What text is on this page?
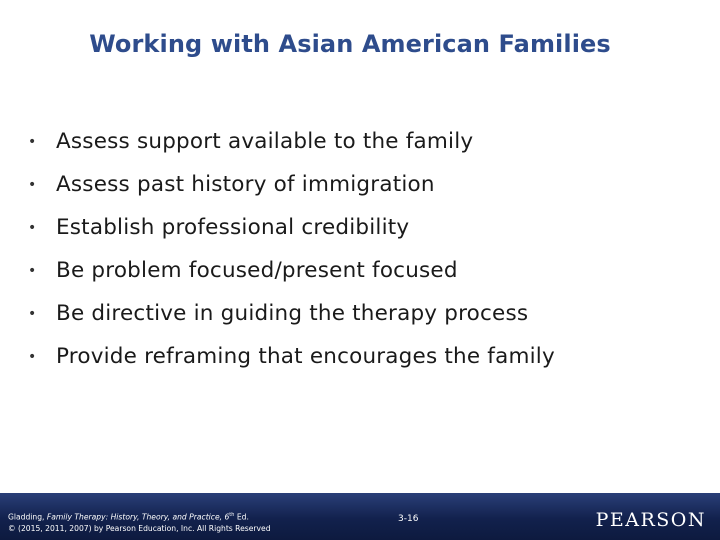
Working with Asian American Families
• Assess support available to the family
• Assess past history of immigration
• Establish professional credibility
• Be problem focused/present focused
• Be directive in guiding the therapy process
• Provide reframing that encourages the family
Gladding, Family Therapy: History, Theory, and Practice, 6th Ed.
© (2015, 2011, 2007) by Pearson Education, Inc. All Rights Reserved
3-16	PEARSON
